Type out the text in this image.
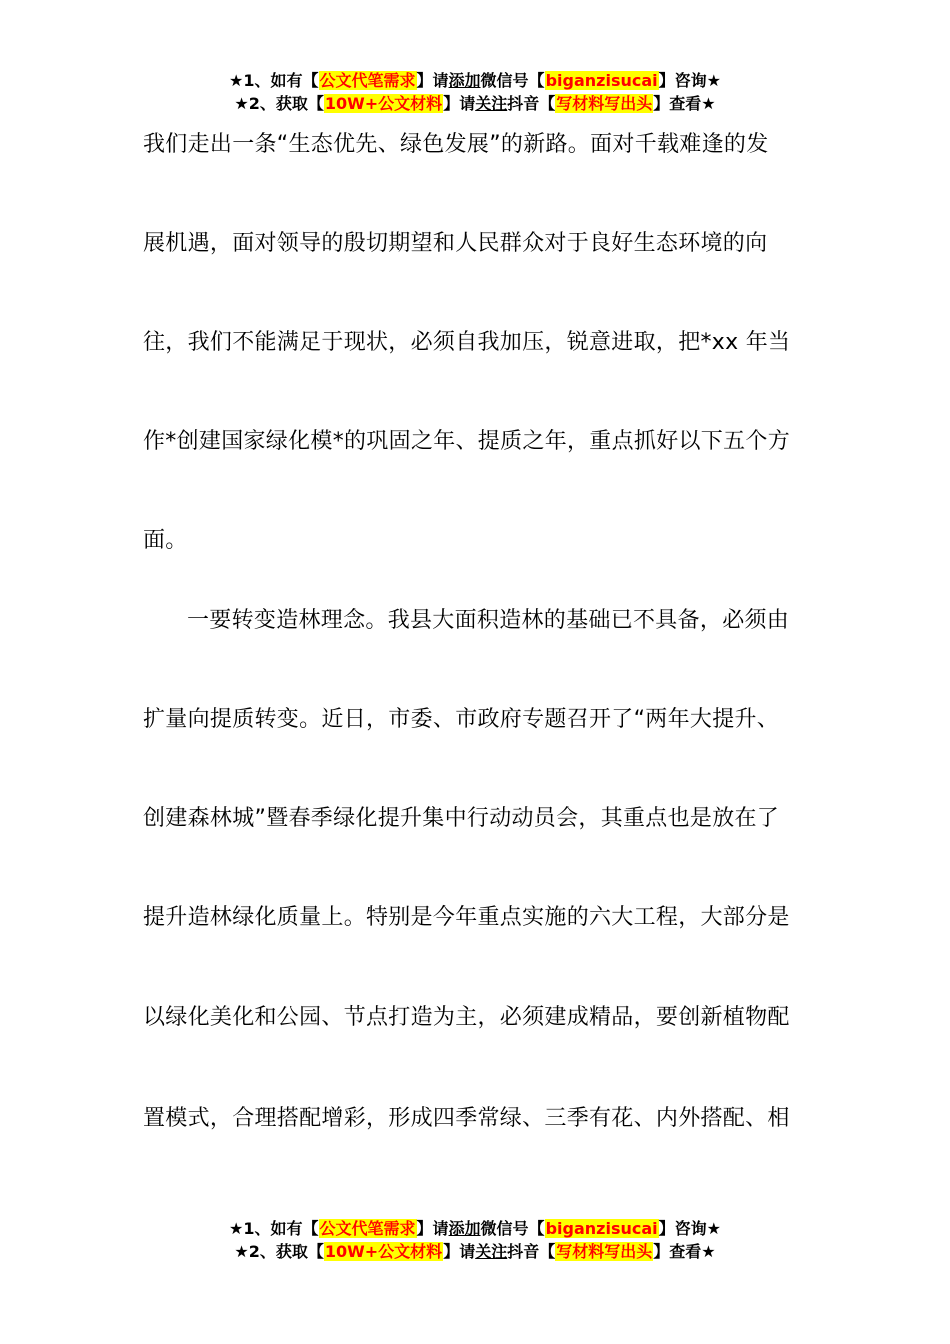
★1、如有【公文代笔需求】请添加微信号【biganzisucai】咨询★
★2、获取【10W+公文材料】请关注抖音【写材料写出头】查看★
我们走出一条“生态优先、绿色发展”的新路。面对千载难逢的发
展机遇，面对领导的殷切期望和人民群众对于良好生态环境的向
往，我们不能满足于现状，必须自我加压，锐意进取，把*xx 年当
作*创建国家绿化模*的巩固之年、提质之年，重点抓好以下五个方
面。
一要转变造林理念。我县大面积造林的基础已不具备，必须由
扩量向提质转变。近日，市委、市政府专题召开了“两年大提升、
创建森林城”暨春季绿化提升集中行动动员会，其重点也是放在了
提升造林绿化质量上。特别是今年重点实施的六大工程，大部分是
以绿化美化和公园、节点打造为主，必须建成精品，要创新植物配
置模式，合理搭配增彩，形成四季常绿、三季有花、内外搭配、相
★1、如有【公文代笔需求】请添加微信号【biganzisucai】咨询★
★2、获取【10W+公文材料】请关注抖音【写材料写出头】查看★
